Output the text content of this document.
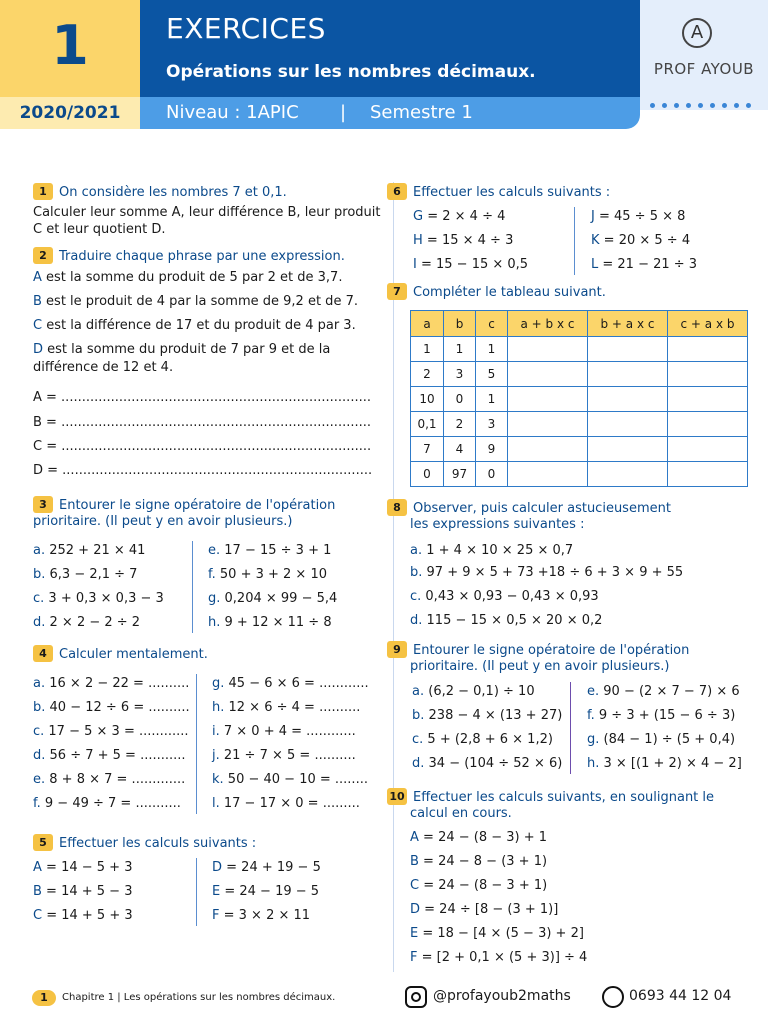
1
2020/2021
EXERCICES
Opérations sur les nombres décimaux.
Niveau : 1APIC | Semestre 1
A
PROF AYOUB
1 On considère les nombres 7 et 0,1.
Calculer leur somme A, leur différence B, leur produit
C et leur quotient D.
2 Traduire chaque phrase par une expression.
A est la somme du produit de 5 par 2 et de 3,7.
B est le produit de 4 par la somme de 9,2 et de 7.
C est la différence de 17 et du produit de 4 par 3.
D est la somme du produit de 7 par 9 et de la
différence de 12 et 4.
A = ...........................................................................
B = ...........................................................................
C = ...........................................................................
D = ...........................................................................
3 Entourer le signe opératoire de l'opération
prioritaire. (Il peut y en avoir plusieurs.)
a. 252 + 21 × 41
b. 6,3 − 2,1 ÷ 7
c. 3 + 0,3 × 0,3 − 3
d. 2 × 2 − 2 ÷ 2
e. 17 − 15 ÷ 3 + 1
f. 50 + 3 + 2 × 10
g. 0,204 × 99 − 5,4
h. 9 + 12 × 11 ÷ 8
4 Calculer mentalement.
a. 16 × 2 − 22 = ..........
b. 40 − 12 ÷ 6 = ..........
c. 17 − 5 × 3 = ............
d. 56 ÷ 7 + 5 = ...........
e. 8 + 8 × 7 = .............
f. 9 − 49 ÷ 7 = ...........
g. 45 − 6 × 6 = ............
h. 12 × 6 ÷ 4 = ..........
i. 7 × 0 + 4 = ............
j. 21 ÷ 7 × 5 = ..........
k. 50 − 40 − 10 = ........
l. 17 − 17 × 0 = .........
5 Effectuer les calculs suivants :
A = 14 − 5 + 3
B = 14 + 5 − 3
C = 14 + 5 + 3
D = 24 + 19 − 5
E = 24 − 19 − 5
F = 3 × 2 × 11
6 Effectuer les calculs suivants :
G = 2 × 4 ÷ 4
H = 15 × 4 ÷ 3
I = 15 − 15 × 0,5
J = 45 ÷ 5 × 8
K = 20 × 5 ÷ 4
L = 21 − 21 ÷ 3
7 Compléter le tableau suivant.
a	b	c	a + b x c	b + a x c	c + a x b
1	1	1			
2	3	5			
10	0	1			
0,1	2	3			
7	4	9			
0	97	0			
8 Observer, puis calculer astucieusement
les expressions suivantes :
a. 1 + 4 × 10 × 25 × 0,7
b. 97 + 9 × 5 + 73 +18 ÷ 6 + 3 × 9 + 55
c. 0,43 × 0,93 − 0,43 × 0,93
d. 115 − 15 × 0,5 × 20 × 0,2
9 Entourer le signe opératoire de l'opération
prioritaire. (Il peut y en avoir plusieurs.)
a. (6,2 − 0,1) ÷ 10
b. 238 − 4 × (13 + 27)
c. 5 + (2,8 + 6 × 1,2)
d. 34 − (104 ÷ 52 × 6)
e. 90 − (2 × 7 − 7) × 6
f. 9 ÷ 3 + (15 − 6 ÷ 3)
g. (84 − 1) ÷ (5 + 0,4)
h. 3 × [(1 + 2) × 4 − 2]
10 Effectuer les calculs suivants, en soulignant le
calcul en cours.
A = 24 − (8 − 3) + 1
B = 24 − 8 − (3 + 1)
C = 24 − (8 − 3 + 1)
D = 24 ÷ [8 − (3 + 1)]
E = 18 − [4 × (5 − 3) + 2]
F = [2 + 0,1 × (5 + 3)] ÷ 4
1	Chapitre 1 | Les opérations sur les nombres décimaux.	@profayoub2maths	0693 44 12 04
